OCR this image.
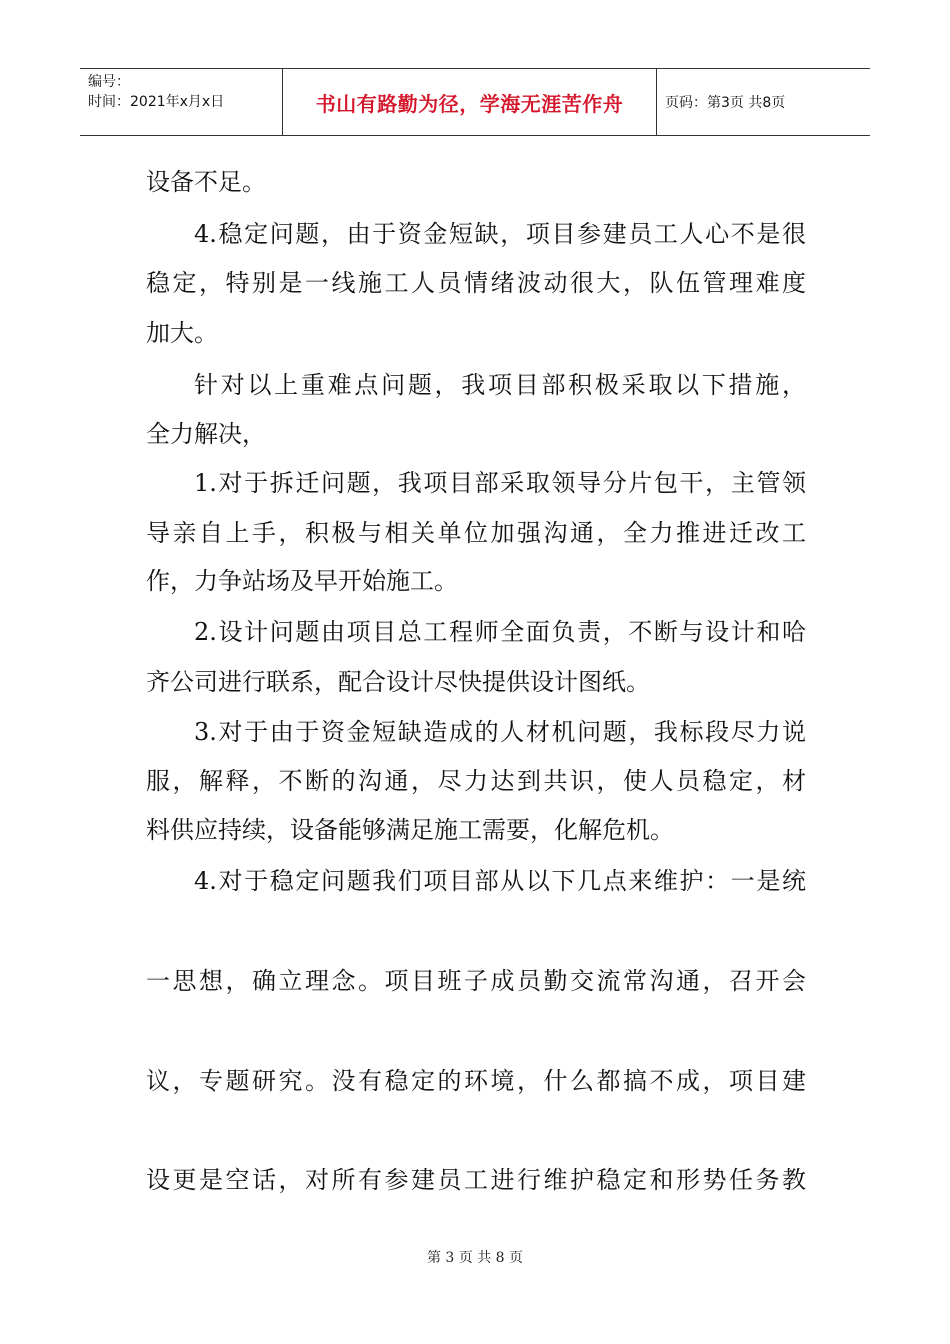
编号：
时间：2021年x月x日	书山有路勤为径，学海无涯苦作舟	页码：第3页 共8页
设备不足。
4.稳定问题，由于资金短缺，项目参建员工人心不是很
稳定，特别是一线施工人员情绪波动很大，队伍管理难度
加大。
针对以上重难点问题，我项目部积极采取以下措施，
全力解决，
1.对于拆迁问题，我项目部采取领导分片包干，主管领
导亲自上手，积极与相关单位加强沟通，全力推进迁改工
作，力争站场及早开始施工。
2.设计问题由项目总工程师全面负责，不断与设计和哈
齐公司进行联系，配合设计尽快提供设计图纸。
3.对于由于资金短缺造成的人材机问题，我标段尽力说
服，解释，不断的沟通，尽力达到共识，使人员稳定，材
料供应持续，设备能够满足施工需要，化解危机。
4.对于稳定问题我们项目部从以下几点来维护：一是统
一思想，确立理念。项目班子成员勤交流常沟通，召开会
议，专题研究。没有稳定的环境，什么都搞不成，项目建
设更是空话，对所有参建员工进行维护稳定和形势任务教
第 3 页 共 8 页
